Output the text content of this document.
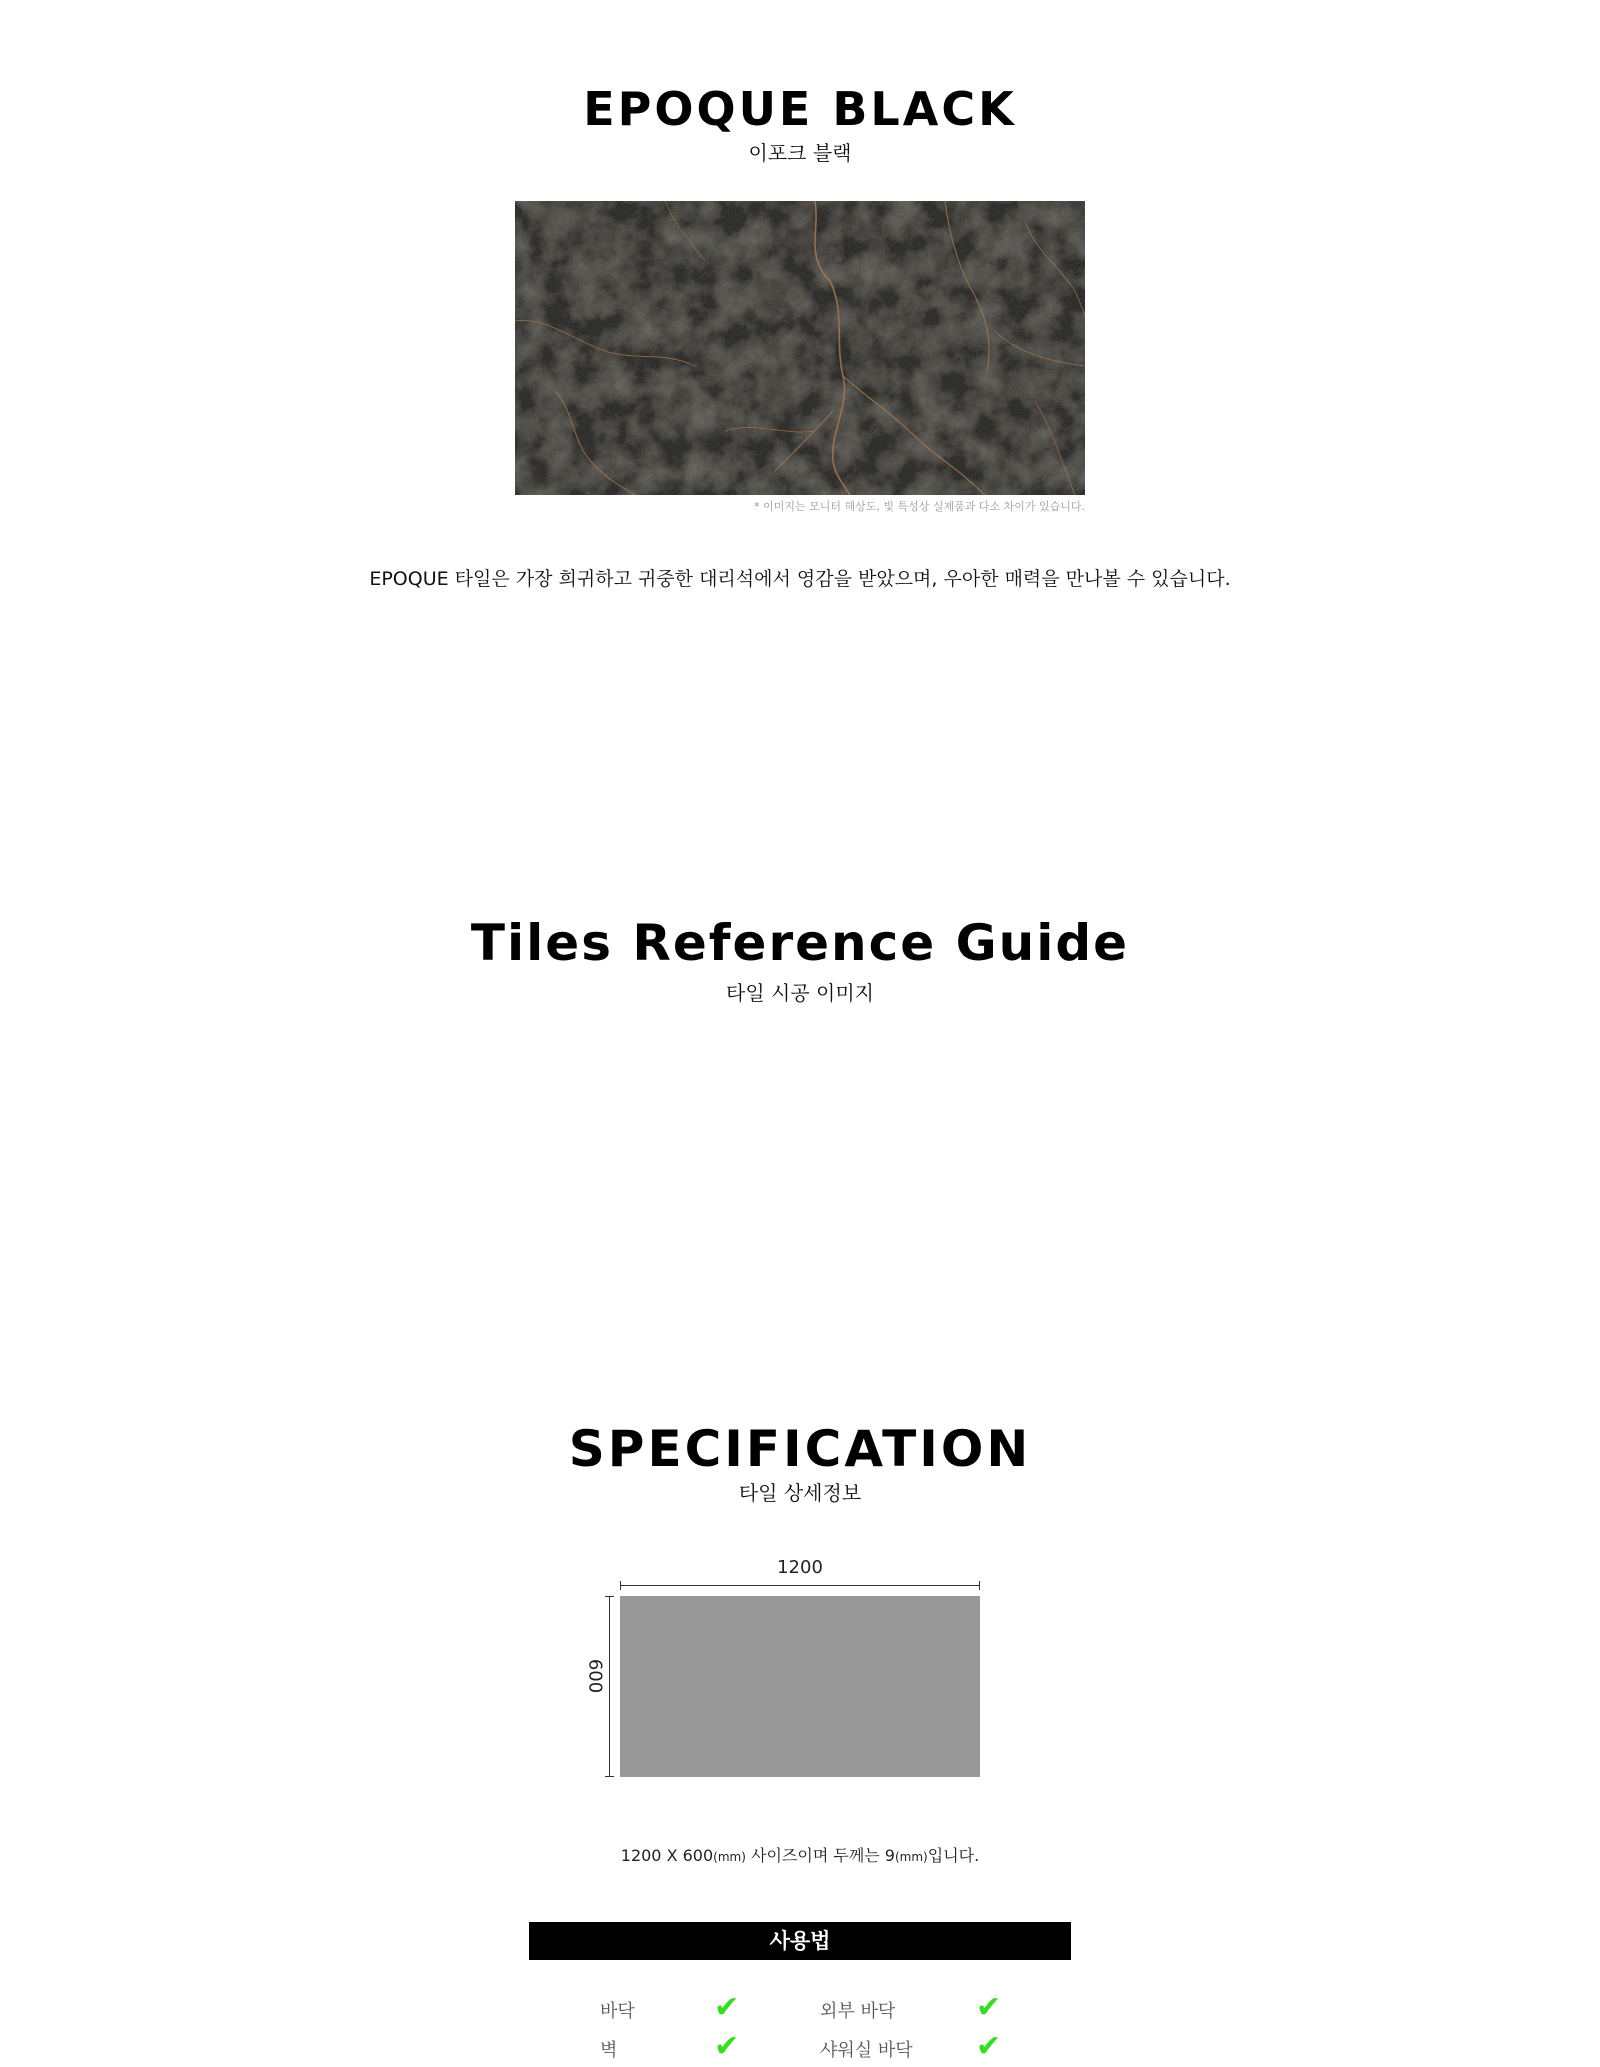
EPOQUE BLACK
이포크 블랙
* 이미지는 모니터 해상도, 빛 특성상 실제품과 다소 차이가 있습니다.
EPOQUE 타일은 가장 희귀하고 귀중한 대리석에서 영감을 받았으며, 우아한 매력을 만나볼 수 있습니다.
Tiles Reference Guide
타일 시공 이미지
SPECIFICATION
타일 상세정보
1200
600
1200 X 600(mm) 사이즈이며 두께는 9(mm)입니다.
사용법
바닥	✔	외부 바닥	✔
벽	✔	샤워실 바닥 ✔
